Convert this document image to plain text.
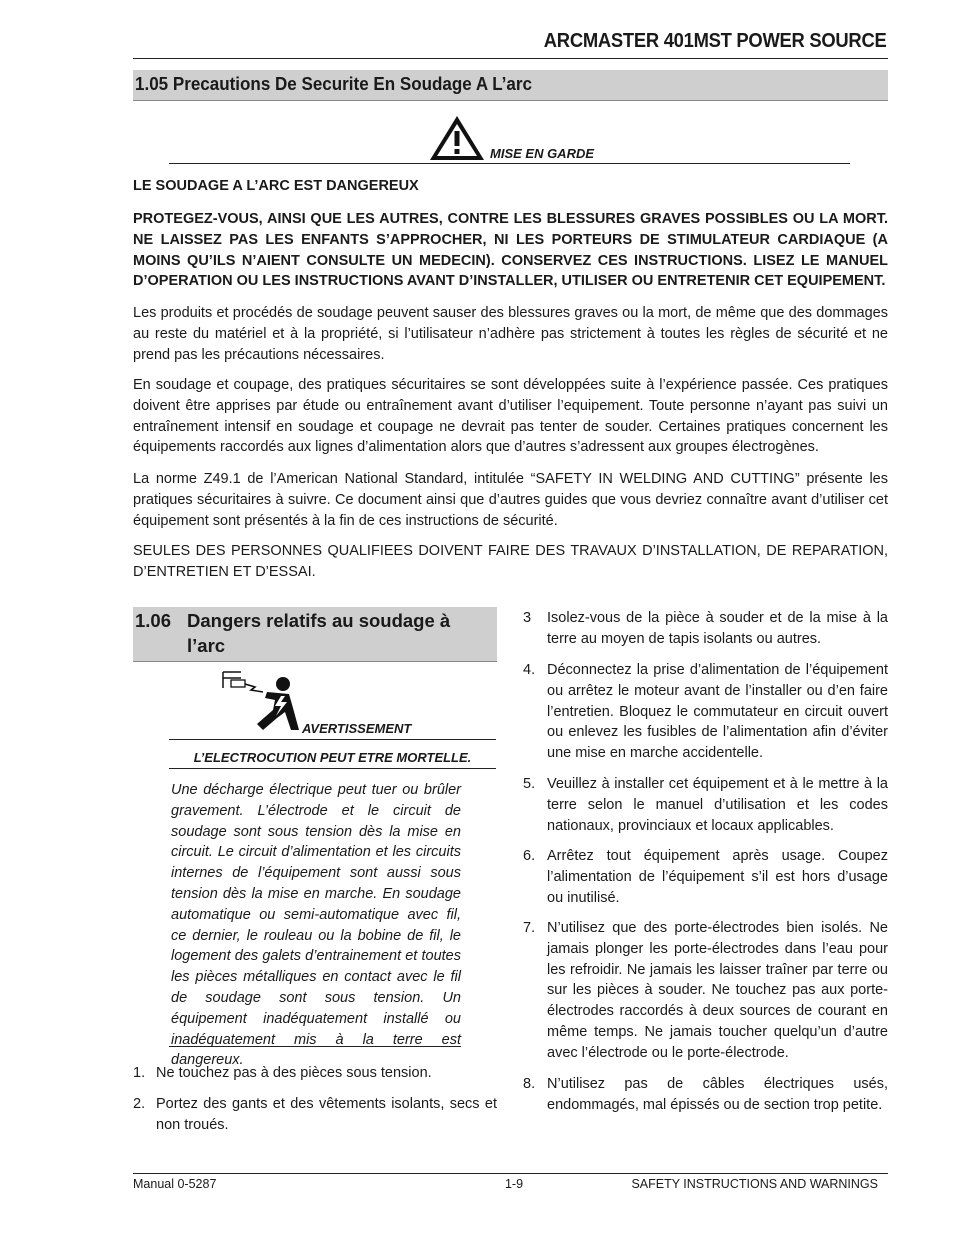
ARCMASTER 401MST POWER SOURCE
1.05 Precautions De Securite En Soudage A L’arc
MISE EN GARDE
LE SOUDAGE A L’ARC EST DANGEREUX
PROTEGEZ-VOUS, AINSI QUE LES AUTRES, CONTRE LES BLESSURES GRAVES POSSIBLES OU LA MORT. NE LAISSEZ PAS LES ENFANTS S’APPROCHER, NI LES PORTEURS DE STIMULATEUR CARDIAQUE (A MOINS QU’ILS N’AIENT CONSULTE UN MEDECIN). CONSERVEZ CES INSTRUCTIONS. LISEZ LE MANUEL D’OPERATION OU LES INSTRUCTIONS AVANT D’INSTALLER, UTILISER OU ENTRETENIR CET EQUIPEMENT.
Les produits et procédés de soudage peuvent sauser des blessures graves ou la mort, de même que des dommages au reste du matériel et à la propriété, si l’utilisateur n’adhère pas strictement à toutes les règles de sécurité et ne prend pas les précautions nécessaires.
En soudage et coupage, des pratiques sécuritaires se sont développées suite à l’expérience passée. Ces pratiques doivent être apprises par étude ou entraînement avant d’utiliser l’equipement. Toute personne n’ayant pas suivi un entraînement intensif en soudage et coupage ne devrait pas tenter de souder. Certaines pratiques concernent les équipements raccordés aux lignes d’alimentation alors que d’autres s’adressent aux groupes électrogènes.
La norme Z49.1 de l’American National Standard, intitulée “SAFETY IN WELDING AND CUTTING” présente les pratiques sécuritaires à suivre. Ce document ainsi que d’autres guides que vous devriez connaître avant d’utiliser cet équipement sont présentés à la fin de ces instructions de sécurité.
SEULES DES PERSONNES QUALIFIEES DOIVENT FAIRE DES TRAVAUX D’INSTALLATION, DE REPARATION, D’ENTRETIEN ET D’ESSAI.
1.06 Dangers relatifs au soudage à
l’arc
AVERTISSEMENT
L’ELECTROCUTION PEUT ETRE MORTELLE.
Une décharge électrique peut tuer ou brûler gravement. L’électrode et le circuit de soudage sont sous tension dès la mise en circuit. Le circuit d’alimentation et les circuits internes de l’équipement sont aussi sous tension dès la mise en marche. En soudage automatique ou semi-automatique avec fil, ce dernier, le rouleau ou la bobine de fil, le logement des galets d’entrainement et toutes les pièces métalliques en contact avec le fil de soudage sont sous tension. Un équipement inadéquatement installé ou inadéquatement mis à la terre est dangereux.
1. Ne touchez pas à des pièces sous tension.
2. Portez des gants et des vêtements isolants, secs et non troués.
3	Isolez-vous de la pièce à souder et de la mise à la terre au moyen de tapis isolants ou autres.
4. Déconnectez la prise d’alimentation de l’équipement ou arrêtez le moteur avant de l’installer ou d’en faire l’entretien. Bloquez le commutateur en circuit ouvert ou enlevez les fusibles de l’alimentation afin d’éviter une mise en marche accidentelle.
5. Veuillez à installer cet équipement et à le mettre à la terre selon le manuel d’utilisation et les codes nationaux, provinciaux et locaux applicables.
6. Arrêtez tout équipement après usage. Coupez l’alimentation de l’équipement s’il est hors d’usage ou inutilisé.
7. N’utilisez que des porte-électrodes bien isolés. Ne jamais plonger les porte-électrodes dans l’eau pour les refroidir. Ne jamais les laisser traîner par terre ou sur les pièces à souder. Ne touchez pas aux porte-électrodes raccordés à deux sources de courant en même temps. Ne jamais toucher quelqu’un d’autre avec l’électrode ou le porte-électrode.
8. N’utilisez pas de câbles électriques usés, endommagés, mal épissés ou de section trop petite.
Manual 0-5287	1-9	SAFETY INSTRUCTIONS AND WARNINGS
